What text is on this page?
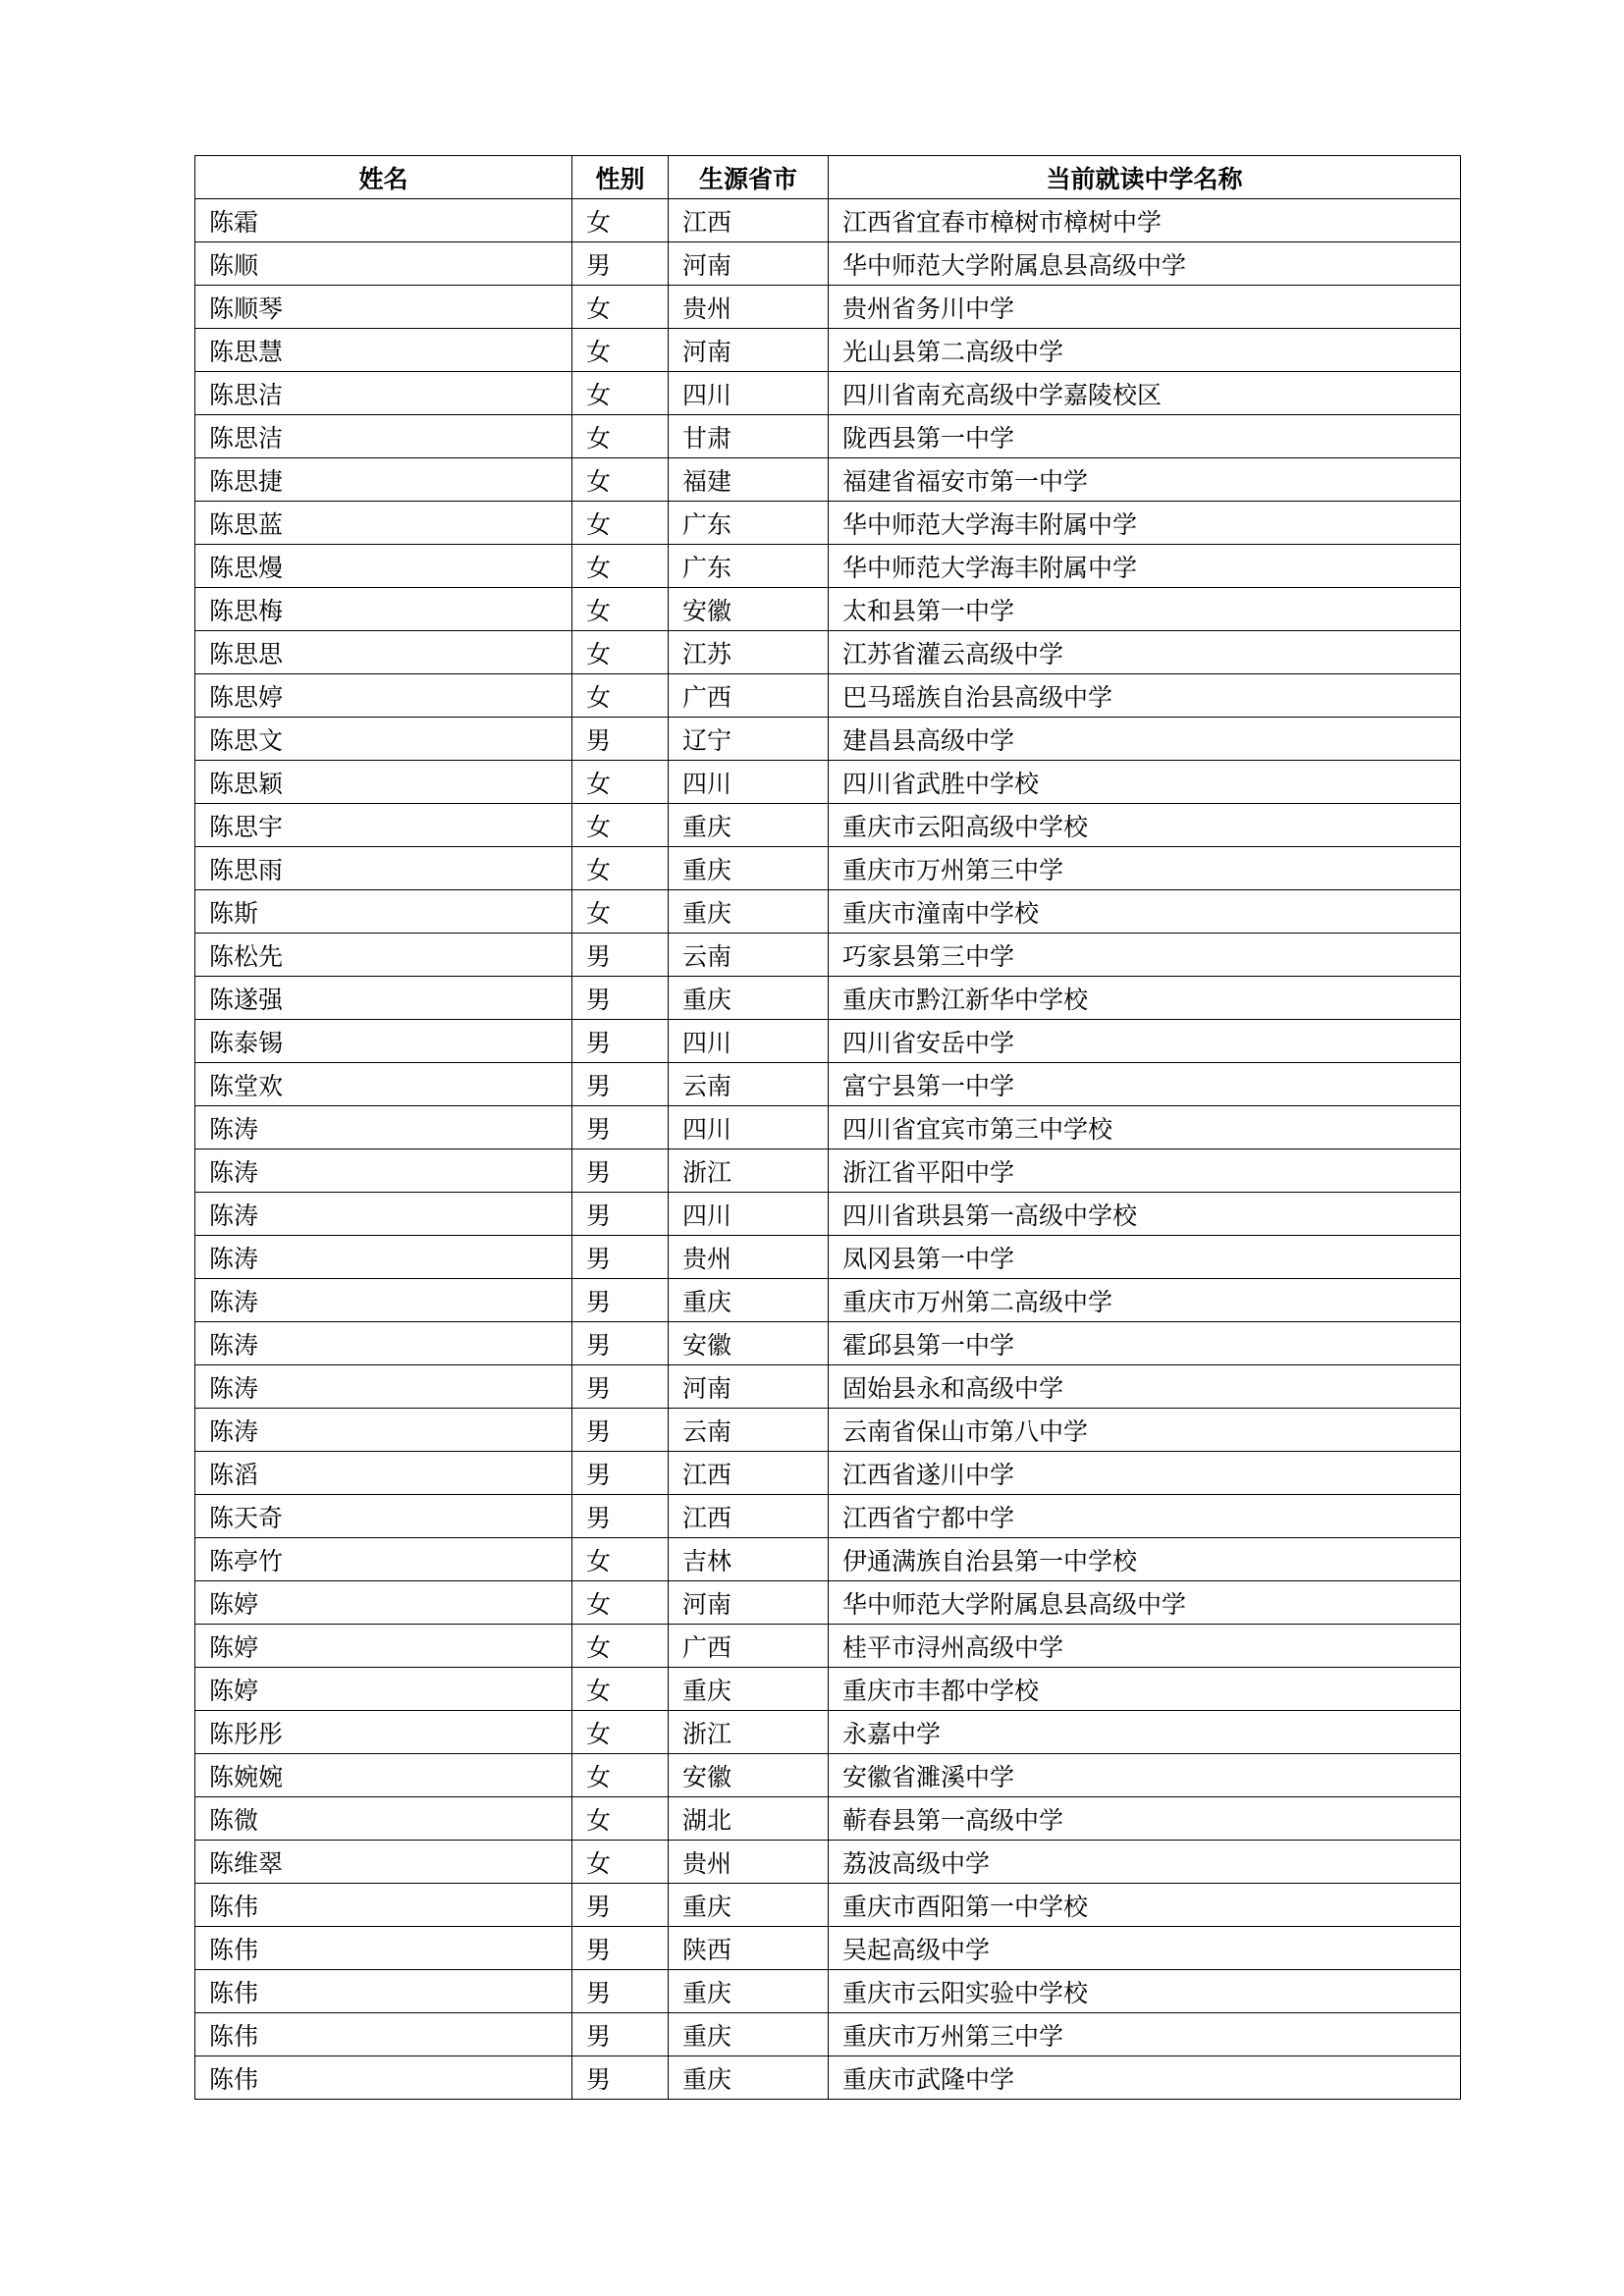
姓名	性别	生源省市	当前就读中学名称
陈霜	女	江西	江西省宜春市樟树市樟树中学
陈顺	男	河南	华中师范大学附属息县高级中学
陈顺琴	女	贵州	贵州省务川中学
陈思慧	女	河南	光山县第二高级中学
陈思洁	女	四川	四川省南充高级中学嘉陵校区
陈思洁	女	甘肃	陇西县第一中学
陈思捷	女	福建	福建省福安市第一中学
陈思蓝	女	广东	华中师范大学海丰附属中学
陈思熳	女	广东	华中师范大学海丰附属中学
陈思梅	女	安徽	太和县第一中学
陈思思	女	江苏	江苏省灌云高级中学
陈思婷	女	广西	巴马瑶族自治县高级中学
陈思文	男	辽宁	建昌县高级中学
陈思颖	女	四川	四川省武胜中学校
陈思宇	女	重庆	重庆市云阳高级中学校
陈思雨	女	重庆	重庆市万州第三中学
陈斯	女	重庆	重庆市潼南中学校
陈松先	男	云南	巧家县第三中学
陈遂强	男	重庆	重庆市黔江新华中学校
陈泰锡	男	四川	四川省安岳中学
陈堂欢	男	云南	富宁县第一中学
陈涛	男	四川	四川省宜宾市第三中学校
陈涛	男	浙江	浙江省平阳中学
陈涛	男	四川	四川省珙县第一高级中学校
陈涛	男	贵州	凤冈县第一中学
陈涛	男	重庆	重庆市万州第二高级中学
陈涛	男	安徽	霍邱县第一中学
陈涛	男	河南	固始县永和高级中学
陈涛	男	云南	云南省保山市第八中学
陈滔	男	江西	江西省遂川中学
陈天奇	男	江西	江西省宁都中学
陈亭竹	女	吉林	伊通满族自治县第一中学校
陈婷	女	河南	华中师范大学附属息县高级中学
陈婷	女	广西	桂平市浔州高级中学
陈婷	女	重庆	重庆市丰都中学校
陈彤彤	女	浙江	永嘉中学
陈婉婉	女	安徽	安徽省濉溪中学
陈微	女	湖北	蕲春县第一高级中学
陈维翠	女	贵州	荔波高级中学
陈伟	男	重庆	重庆市酉阳第一中学校
陈伟	男	陕西	吴起高级中学
陈伟	男	重庆	重庆市云阳实验中学校
陈伟	男	重庆	重庆市万州第三中学
陈伟	男	重庆	重庆市武隆中学
